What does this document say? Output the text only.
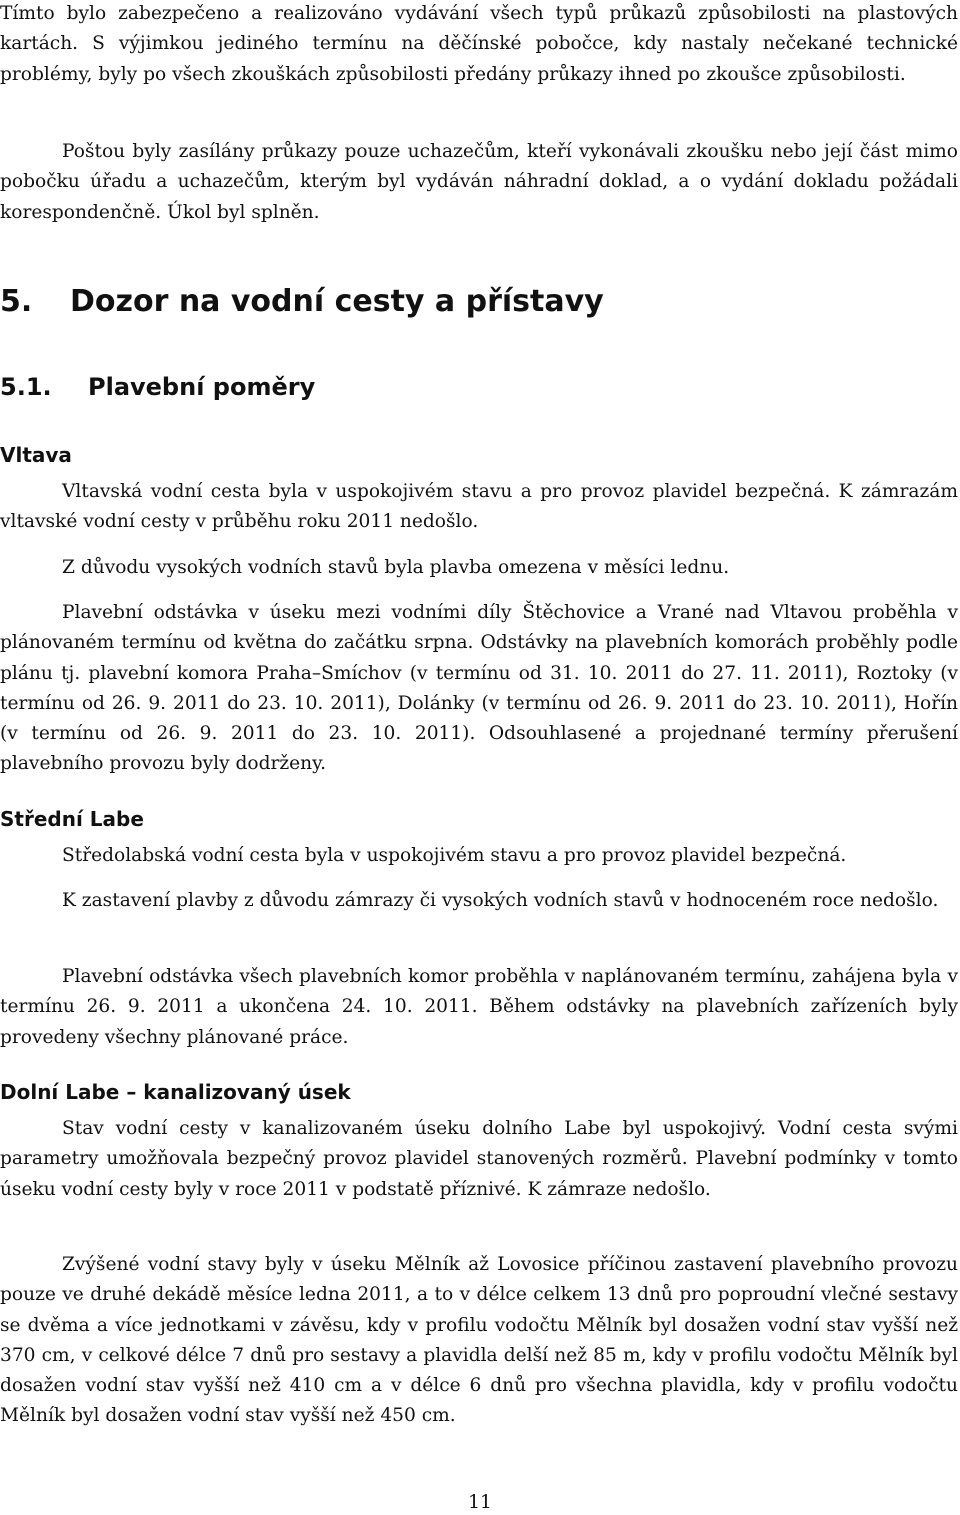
Tímto bylo zabezpečeno a realizováno vydávání všech typů průkazů způsobilosti na plastových kartách. S výjimkou jediného termínu na děčínské pobočce, kdy nastaly nečekané technické problémy, byly po všech zkouškách způsobilosti předány průkazy ihned po zkoušce způsobilosti.

Poštou byly zasílány průkazy pouze uchazečům, kteří vykonávali zkoušku nebo její část mimo pobočku úřadu a uchazečům, kterým byl vydáván náhradní doklad, a o vydání dokladu požádali korespondenčně. Úkol byl splněn.

5. Dozor na vodní cesty a přístavy
5.1. Plavební poměry
Vltava

Vltavská vodní cesta byla v uspokojivém stavu a pro provoz plavidel bezpečná. K zámrazám vltavské vodní cesty v průběhu roku 2011 nedošlo.

Z důvodu vysokých vodních stavů byla plavba omezena v měsíci lednu.

Plavební odstávka v úseku mezi vodními díly Štěchovice a Vrané nad Vltavou proběhla v plánovaném termínu od května do začátku srpna. Odstávky na plavebních komorách proběhly podle plánu tj. plavební komora Praha–Smíchov (v termínu od 31. 10. 2011 do 27. 11. 2011), Roztoky (v termínu od 26. 9. 2011 do 23. 10. 2011), Dolánky (v termínu od 26. 9. 2011 do 23. 10. 2011), Hořín (v termínu od 26. 9. 2011 do 23. 10. 2011). Odsouhlasené a projednané termíny přerušení plavebního provozu byly dodrženy.

Střední Labe

Středolabská vodní cesta byla v uspokojivém stavu a pro provoz plavidel bezpečná.

K zastavení plavby z důvodu zámrazy či vysokých vodních stavů v hodnoceném roce nedošlo.

Plavební odstávka všech plavebních komor proběhla v naplánovaném termínu, zahájena byla v termínu 26. 9. 2011 a ukončena 24. 10. 2011. Během odstávky na plavebních zařízeních byly provedeny všechny plánované práce.

Dolní Labe – kanalizovaný úsek

Stav vodní cesty v kanalizovaném úseku dolního Labe byl uspokojivý. Vodní cesta svými parametry umožňovala bezpečný provoz plavidel stanovených rozměrů. Plavební podmínky v tomto úseku vodní cesty byly v roce 2011 v podstatě příznivé. K zámraze nedošlo.

Zvýšené vodní stavy byly v úseku Mělník až Lovosice příčinou zastavení plavebního provozu pouze ve druhé dekádě měsíce ledna 2011, a to v délce celkem 13 dnů pro poproudní vlečné sestavy se dvěma a více jednotkami v závěsu, kdy v profilu vodočtu Mělník byl dosažen vodní stav vyšší než 370 cm, v celkové délce 7 dnů pro sestavy a plavidla delší než 85 m, kdy v profilu vodočtu Mělník byl dosažen vodní stav vyšší než 410 cm a v délce 6 dnů pro všechna plavidla, kdy v profilu vodočtu Mělník byl dosažen vodní stav vyšší než 450 cm.

11
